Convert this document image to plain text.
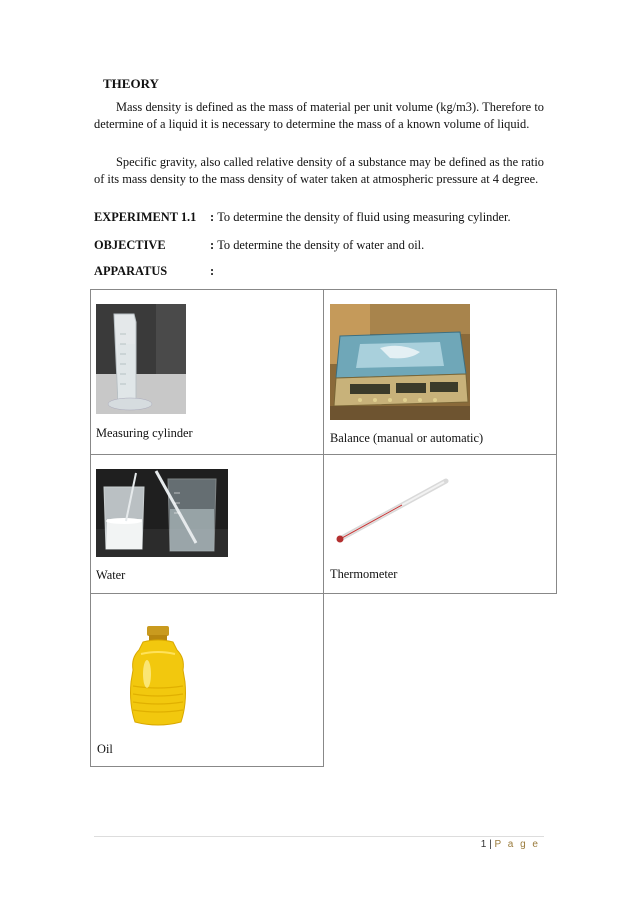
THEORY
Mass density is defined as the mass of material per unit volume (kg/m3). Therefore to determine of a liquid it is necessary to determine the mass of a known volume of liquid.
Specific gravity, also called relative density of a substance may be defined as the ratio of its mass density to the mass density of water taken at atmospheric pressure at 4 degree.
EXPERIMENT 1.1 : To determine the density of fluid using measuring cylinder.
OBJECTIVE	: To determine the density of water and oil.
APPARATUS	:
Measuring cylinder	Balance (manual or automatic)

Water	Thermometer

Oil	

1 | P a g e
